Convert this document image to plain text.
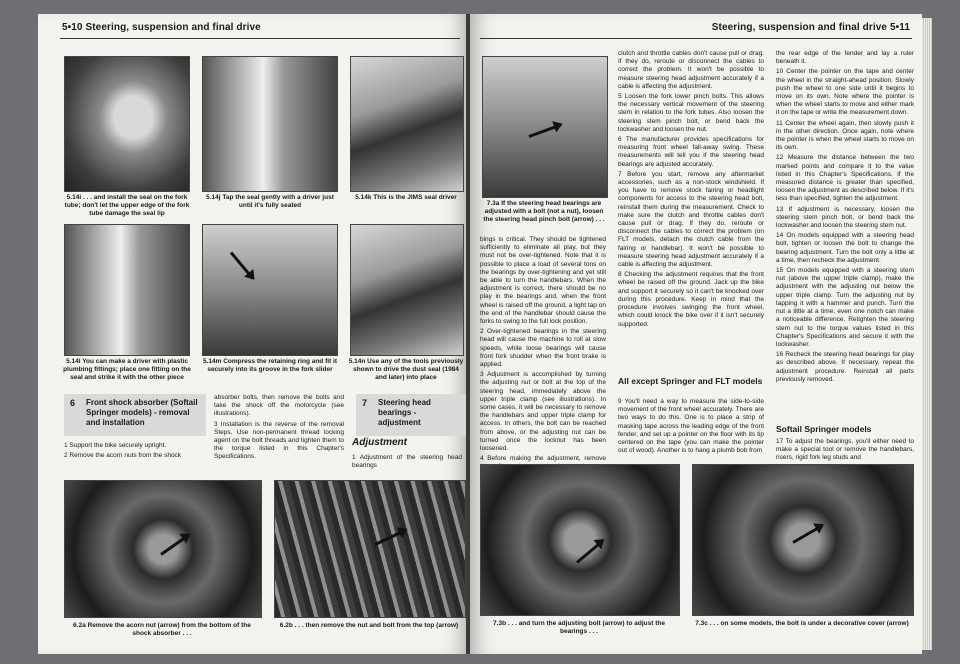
5•10 Steering, suspension and final drive
5.14i . . . and install the seal on the fork tube; don't let the upper edge of the fork tube damage the seal lip
5.14j Tap the seal gently with a driver just until it's fully seated
5.14k This is the JIMS seal driver
5.14l You can make a driver with plastic plumbing fittings; place one fitting on the seal and strike it with the other piece
5.14m Compress the retaining ring and fit it securely into its groove in the fork slider
5.14n Use any of the tools previously shown to drive the dust seal (1984 and later) into place
6 Front shock absorber (Softail Springer models) - removal and installation

1 Support the bike securely upright.

2 Remove the acorn nuts from the shock

absorber bolts, then remove the bolts and take the shock off the motorcycle (see illustrations).

3 Installation is the reverse of the removal Steps. Use non-permanent thread locking agent on the bolt threads and tighten them to the torque listed in this Chapter's Specifications.

7 Steering head bearings - adjustment
Adjustment
1 Adjustment of the steering head bearings
6.2a Remove the acorn nut (arrow) from the bottom of the shock absorber . . .
6.2b . . . then remove the nut and bolt from the top (arrow)
Steering, suspension and final drive 5•11
7.3a If the steering head bearings are adjusted with a bolt (not a nut), loosen the steering head pinch bolt (arrow) . . .

clutch and throttle cables don't cause pull or drag. If they do, reroute or disconnect the cables to correct the problem. It won't be possible to measure steering head adjustment accurately if a cable is affecting the adjustment.

5 Loosen the fork lower pinch bolts. This allows the necessary vertical movement of the steering stem in relation to the fork tubes. Also loosen the steering stem pinch bolt, or bend back the lockwasher and loosen the nut.

6 The manufacturer provides specifications for measuring front wheel fall-away swing. These measurements will tell you if the steering head bearings are adjusted accurately.

7 Before you start, remove any aftermarket accessories, such as a non-stock windshield. If you have to remove stock fairing or headlight components for access to the steering head bolt, reinstall them during the measurement. Check to make sure the clutch and throttle cables don't cause pull or drag. If they do, reroute or disconnect the cables to correct the problem (on FLT models, detach the clutch cable from the fairing or handlebar). It won't be possible to measure steering head adjustment accurately if a cable is affecting the adjustment.

8 Checking the adjustment requires that the front wheel be raised off the ground. Jack up the bike and support it securely so it can't be knocked over during this procedure. Keep in mind that the procedure involves swinging the front wheel, which could knock the bike over if it isn't securely supported.

All except Springer and FLT models
9 You'll need a way to measure the side-to-side movement of the front wheel accurately. There are two ways to do this. One is to place a strip of masking tape across the leading edge of the front fender, and set up a pointer on the floor with its tip centered on the tape (you can make the pointer out of wood). Another is to hang a plumb bob from

bings is critical. They should be tightened sufficiently to eliminate all play, but they must not be over-tightened. Note that it is possible to place a load of several tons on the bearings by over-tightening and yet still be able to turn the handlebars. When the adjustment is correct, there should be no play in the bearings and, when the front wheel is raised off the ground, a light tap on the end of the handlebar should cause the forks to swing to the full lock position.

2 Over-tightened bearings in the steering head will cause the machine to roll at slow speeds, while loose bearings will cause front fork shudder when the front brake is applied.

3 Adjustment is accomplished by turning the adjusting nut or bolt at the top of the steering head, immediately above the upper triple clamp (see illustrations). In some cases, it will be necessary to remove the handlebars and upper triple clamp for access. In others, the bolt can be reached from above, or the adjusting nut can be turned once the locknut has been loosened.

4 Before making the adjustment, remove

the rear edge of the fender and lay a ruler beneath it.

10 Center the pointer on the tape and center the wheel in the straight-ahead position. Slowly push the wheel to one side until it begins to move on its own. Note where the pointer is when the wheel starts to move and either mark it on the tape or write the measurement down.

11 Center the wheel again, then slowly push it in the other direction. Once again, note where the pointer is when the wheel starts to move on its own.

12 Measure the distance between the two marked points and compare it to the value listed in this Chapter's Specifications. If the measured distance is greater than specified, loosen the adjustment as described below. If it's less than specified, tighten the adjustment.

13 If adjustment is necessary, loosen the steering stem pinch bolt, or bend back the lockwasher and loosen the steering stem nut.

14 On models equipped with a steering head bolt, tighten or loosen the bolt to change the bearing adjustment. Turn the bolt only a little at a time, then recheck the adjustment.

15 On models equipped with a steering stem nut (above the upper triple clamp), make the adjustment with the adjusting nut below the upper triple clamp. Turn the adjusting nut by tapping it with a hammer and punch. Turn the nut a little at a time, even one notch can make a noticeable difference. Retighten the steering stem nut to the torque values listed in this Chapter's Specifications and secure it with the lockwasher.

16 Recheck the steering head bearings for play as described above. If necessary, repeat the adjustment procedure. Reinstall all parts previously removed.

Softail Springer models
17 To adjust the bearings, you'll either need to make a special tool or remove the handlebars, risers, rigid fork leg studs and
7.3b . . . and turn the adjusting bolt (arrow) to adjust the bearings . . .
7.3c . . . on some models, the bolt is under a decorative cover (arrow)
